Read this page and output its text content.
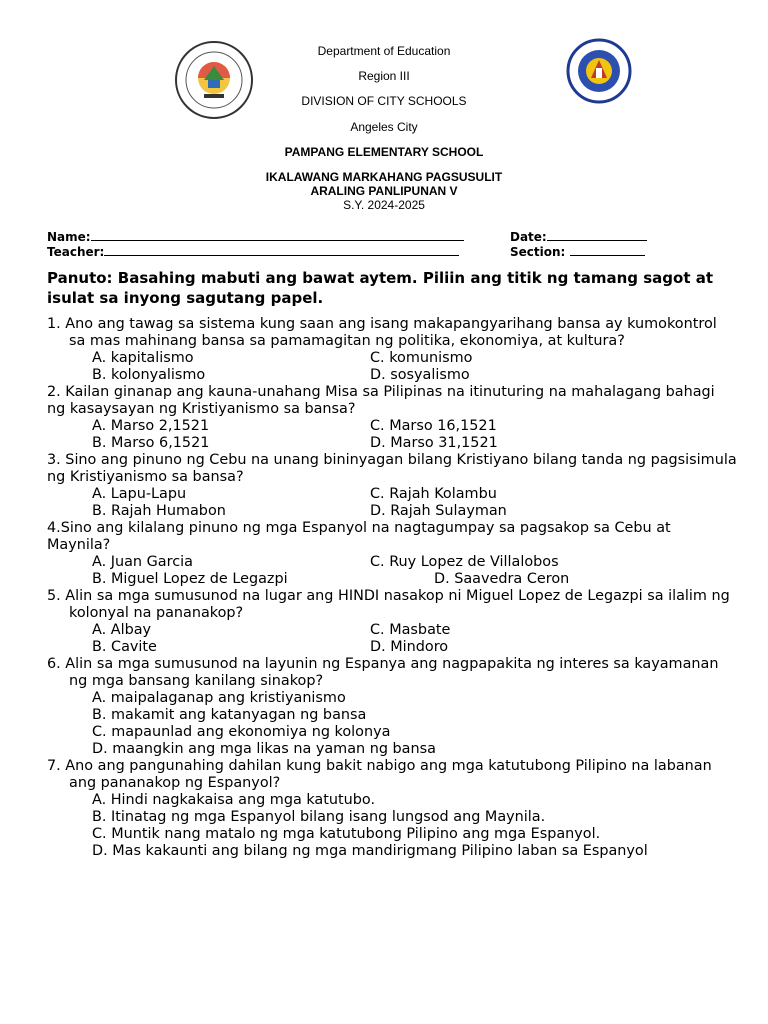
Department of Education
Region III
DIVISION OF CITY SCHOOLS
Angeles City
PAMPANG ELEMENTARY SCHOOL
IKALAWANG MARKAHANG PAGSUSULIT
ARALING PANLIPUNAN V
S.Y. 2024-2025
Name:
Teacher:
Date:
Section:
Panuto: Basahing mabuti ang bawat aytem. Piliin ang titik ng tamang sagot at isulat sa inyong sagutang papel.
1. Ano ang tawag sa sistema kung saan ang isang makapangyarihang bansa ay kumokontrol sa mas mahinang bansa sa pamamagitan ng politika, ekonomiya, at kultura?
A. kapitalismo	C. komunismo
B. kolonyalismo	D. sosyalismo
2. Kailan ginanap ang kauna-unahang Misa sa Pilipinas na itinuturing na mahalagang bahagi ng kasaysayan ng Kristiyanismo sa bansa?
A. Marso 2,1521	C. Marso 16,1521
B. Marso 6,1521	D. Marso 31,1521
3. Sino ang pinuno ng Cebu na unang bininyagan bilang Kristiyano bilang tanda ng pagsisimula ng Kristiyanismo sa bansa?
A. Lapu-Lapu	C. Rajah Kolambu
B. Rajah Humabon	D. Rajah Sulayman
4.Sino ang kilalang pinuno ng mga Espanyol na nagtagumpay sa pagsakop sa Cebu at Maynila?
A. Juan Garcia	C. Ruy Lopez de Villalobos
B. Miguel Lopez de Legazpi	D. Saavedra Ceron
5. Alin sa mga sumusunod na lugar ang HINDI nasakop ni Miguel Lopez de Legazpi sa ilalim ng kolonyal na pananakop?
A. Albay	C. Masbate
B. Cavite	D. Mindoro
6. Alin sa mga sumusunod na layunin ng Espanya ang nagpapakita ng interes sa kayamanan ng mga bansang kanilang sinakop?
A. maipalaganap ang kristiyanismo
B. makamit ang katanyagan ng bansa
C. mapaunlad ang ekonomiya ng kolonya
D. maangkin ang mga likas na yaman ng bansa
7. Ano ang pangunahing dahilan kung bakit nabigo ang mga katutubong Pilipino na labanan ang pananakop ng Espanyol?
A. Hindi nagkakaisa ang mga katutubo.
B. Itinatag ng mga Espanyol bilang isang lungsod ang Maynila.
C. Muntik nang matalo ng mga katutubong Pilipino ang mga Espanyol.
D. Mas kakaunti ang bilang ng mga mandirigmang Pilipino laban sa Espanyol
